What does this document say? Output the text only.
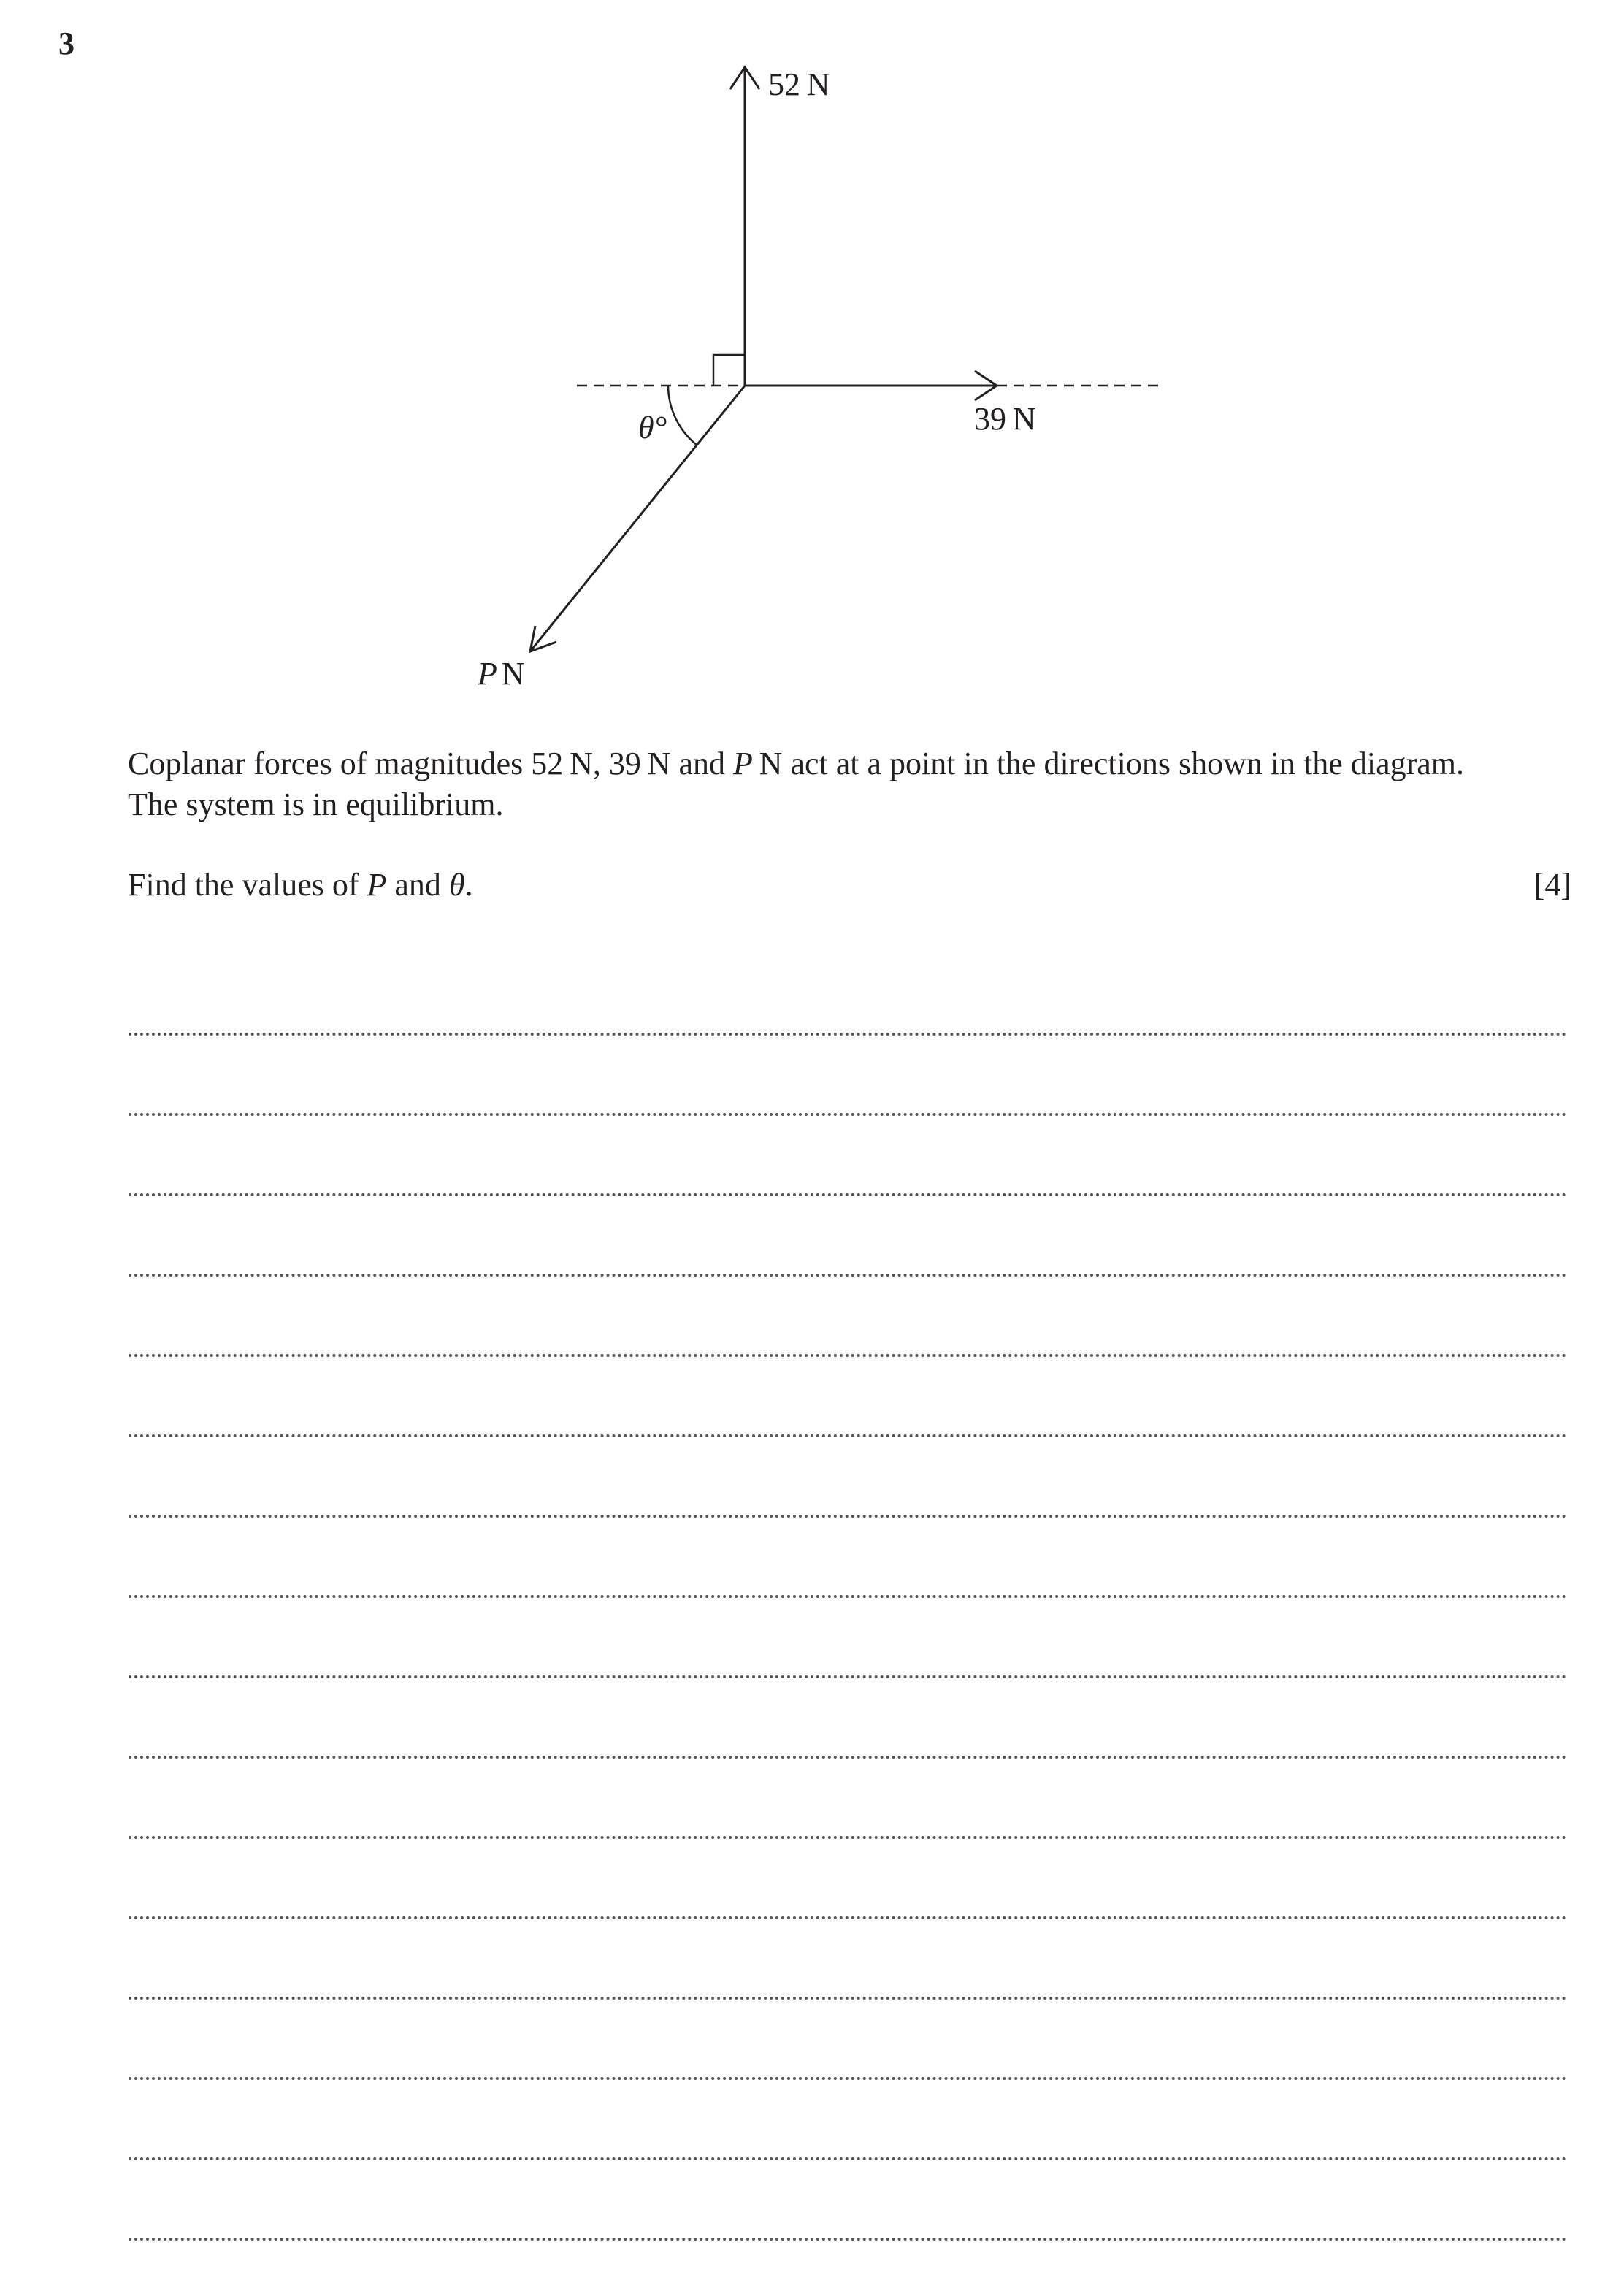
3
52 N
39 N
θ°
P N
Coplanar forces of magnitudes 52 N, 39 N and P N act at a point in the directions shown in the diagram.
The system is in equilibrium.
Find the values of P and θ.	[4]
